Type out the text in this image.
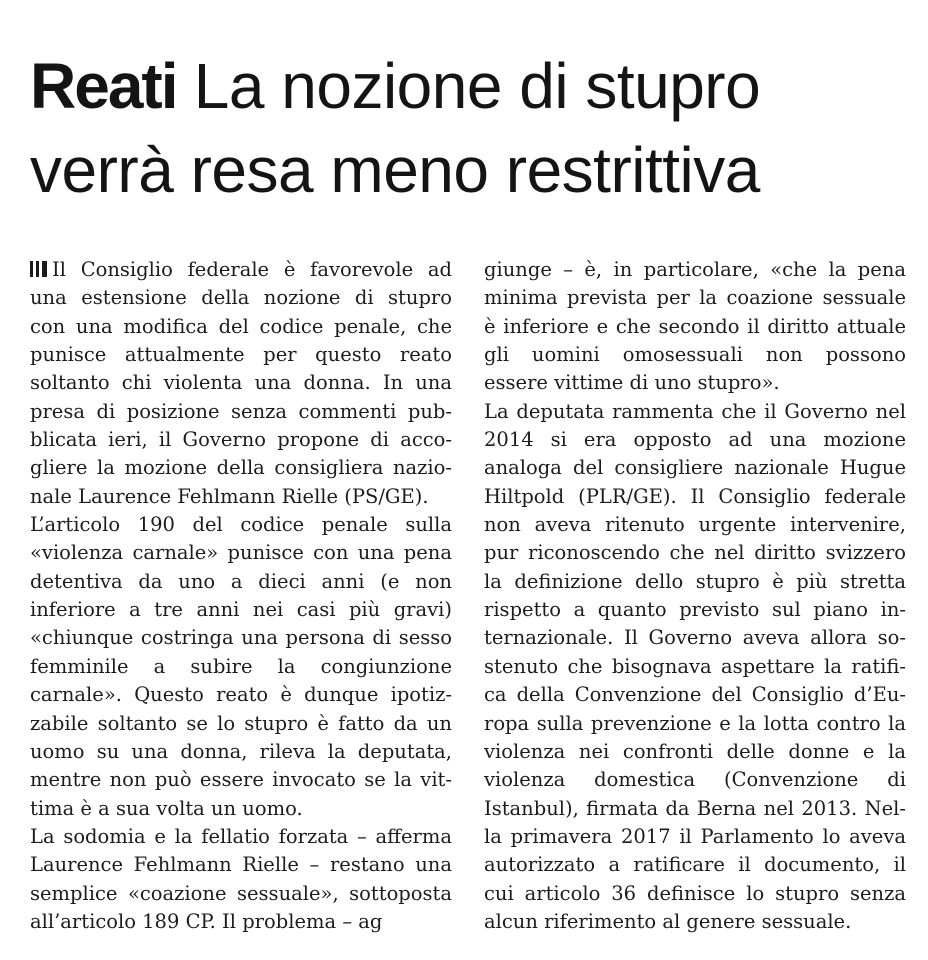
Reati La nozione di stupro verrà resa meno restrittiva

Il Consiglio federale è favorevole ad una estensione della nozione di stupro con una modifica del codice penale, che punisce attualmente per questo reato soltanto chi violenta una donna. In una presa di posizione senza commenti pubblicata ieri, il Governo propone di accogliere la mozione della consigliera nazionale Laurence Fehlmann Rielle (PS/GE).

L’articolo 190 del codice penale sulla «violenza carnale» punisce con una pena detentiva da uno a dieci anni (e non inferiore a tre anni nei casi più gravi) «chiunque costringa una persona di sesso femminile a subire la congiunzione carnale». Questo reato è dunque ipotizzabile soltanto se lo stupro è fatto da un uomo su una donna, rileva la deputata, mentre non può essere invocato se la vittima è a sua volta un uomo.

La sodomia e la fellatio forzata – afferma Laurence Fehlmann Rielle – restano una semplice «coazione sessuale», sottoposta all’articolo 189 CP. Il problema – ag

giunge – è, in particolare, «che la pena minima prevista per la coazione sessuale è inferiore e che secondo il diritto attuale gli uomini omosessuali non possono essere vittime di uno stupro».

La deputata rammenta che il Governo nel 2014 si era opposto ad una mozione analoga del consigliere nazionale Hugue Hiltpold (PLR/GE). Il Consiglio federale non aveva ritenuto urgente intervenire, pur riconoscendo che nel diritto svizzero la definizione dello stupro è più stretta rispetto a quanto previsto sul piano internazionale. Il Governo aveva allora sostenuto che bisognava aspettare la ratifica della Convenzione del Consiglio d’Europa sulla prevenzione e la lotta contro la violenza nei confronti delle donne e la violenza domestica (Convenzione di Istanbul), firmata da Berna nel 2013. Nella primavera 2017 il Parlamento lo aveva autorizzato a ratificare il documento, il cui articolo 36 definisce lo stupro senza alcun riferimento al genere sessuale.
